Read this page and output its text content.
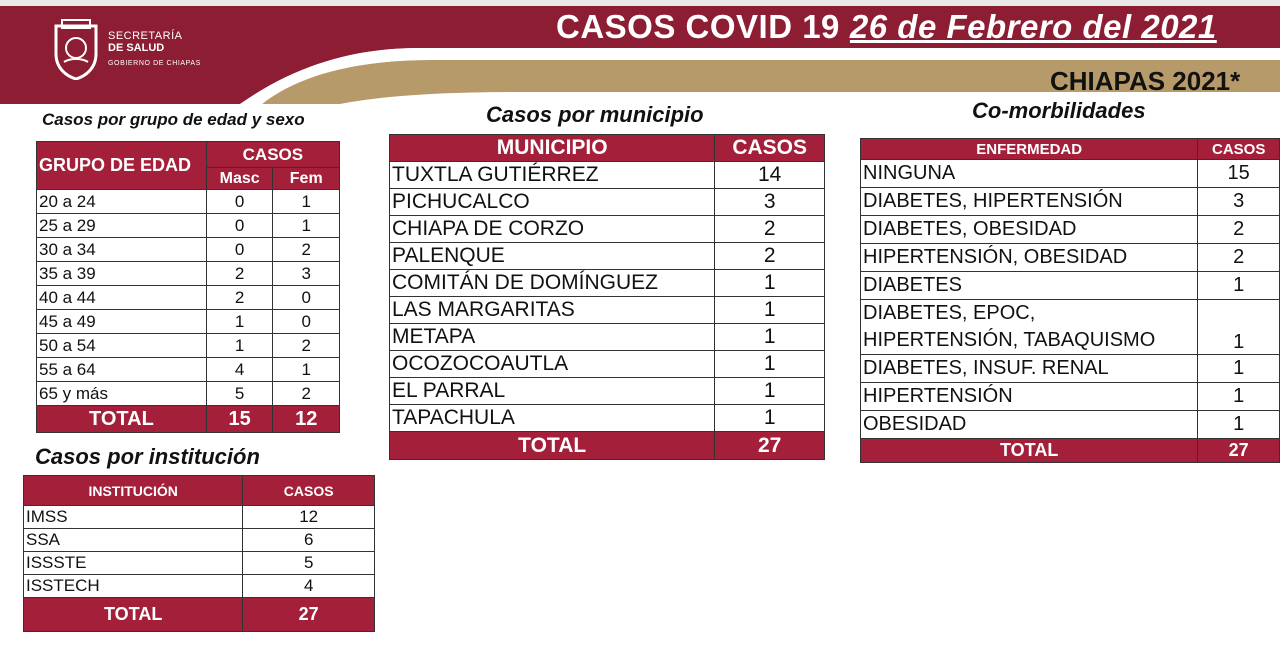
SECRETARÍA
DE SALUD
GOBIERNO DE CHIAPAS
CASOS COVID 19 26 de Febrero del 2021
CHIAPAS 2021*
Casos por grupo de edad y sexo
GRUPO DE EDAD	CASOS	
	Masc	Fem
20 a 24	0	1
25 a 29	0	1
30 a 34	0	2
35 a 39	2	3
40 a 44	2	0
45 a 49	1	0
50 a 54	1	2
55 a 64	4	1
65 y más	5	2
TOTAL	15	12
Casos por institución
INSTITUCIÓN	CASOS
IMSS	12
SSA	6
ISSSTE	5
ISSTECH	4
TOTAL	27
Casos por municipio
MUNICIPIO	CASOS
TUXTLA GUTIÉRREZ	14
PICHUCALCO	3
CHIAPA DE CORZO	2
PALENQUE	2
COMITÁN DE DOMÍNGUEZ	1
LAS MARGARITAS	1
METAPA	1
OCOZOCOAUTLA	1
EL PARRAL	1
TAPACHULA	1
TOTAL	27
Co-morbilidades
ENFERMEDAD	CASOS

NINGUNA	15

DIABETES, HIPERTENSIÓN	3

DIABETES, OBESIDAD	2

HIPERTENSIÓN, OBESIDAD	2

DIABETES	1

DIABETES, EPOC,
HIPERTENSIÓN, TABAQUISMO	1

DIABETES, INSUF. RENAL	1

HIPERTENSIÓN	1

OBESIDAD	1
TOTAL	27
